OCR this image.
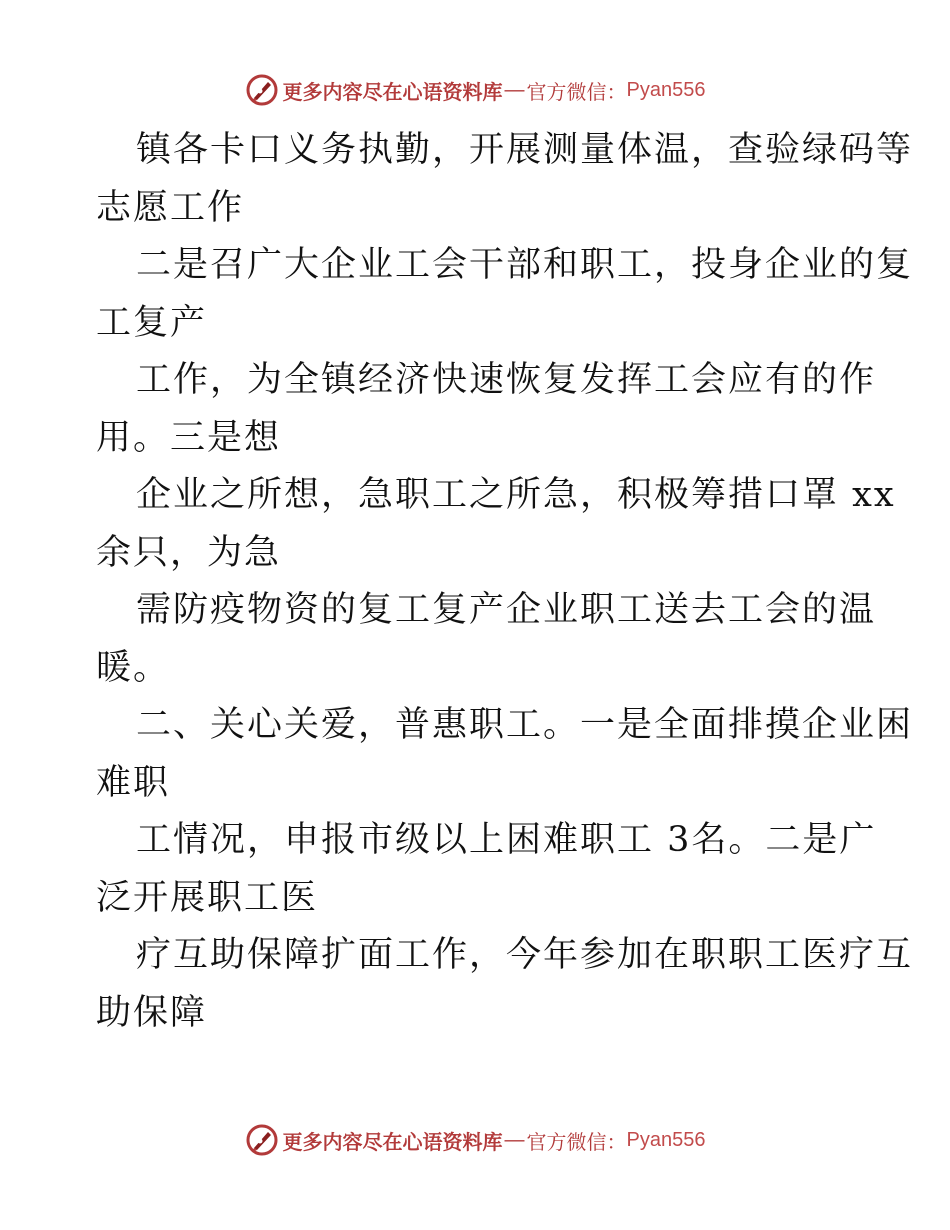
更多内容尽在心语资料库 — 官方微信： Pyan556
镇各卡口义务执勤，开展测量体温，查验绿码等
志愿工作
二是召广大企业工会干部和职工，投身企业的复
工复产
工作，为全镇经济快速恢复发挥工会应有的作
用。三是想
企业之所想，急职工之所急，积极筹措口罩 xx
余只，为急
需防疫物资的复工复产企业职工送去工会的温
暖。
二、关心关爱，普惠职工。一是全面排摸企业困
难职
工情况，申报市级以上困难职工 3名。二是广
泛开展职工医
疗互助保障扩面工作，今年参加在职职工医疗互
助保障
更多内容尽在心语资料库 — 官方微信： Pyan556
